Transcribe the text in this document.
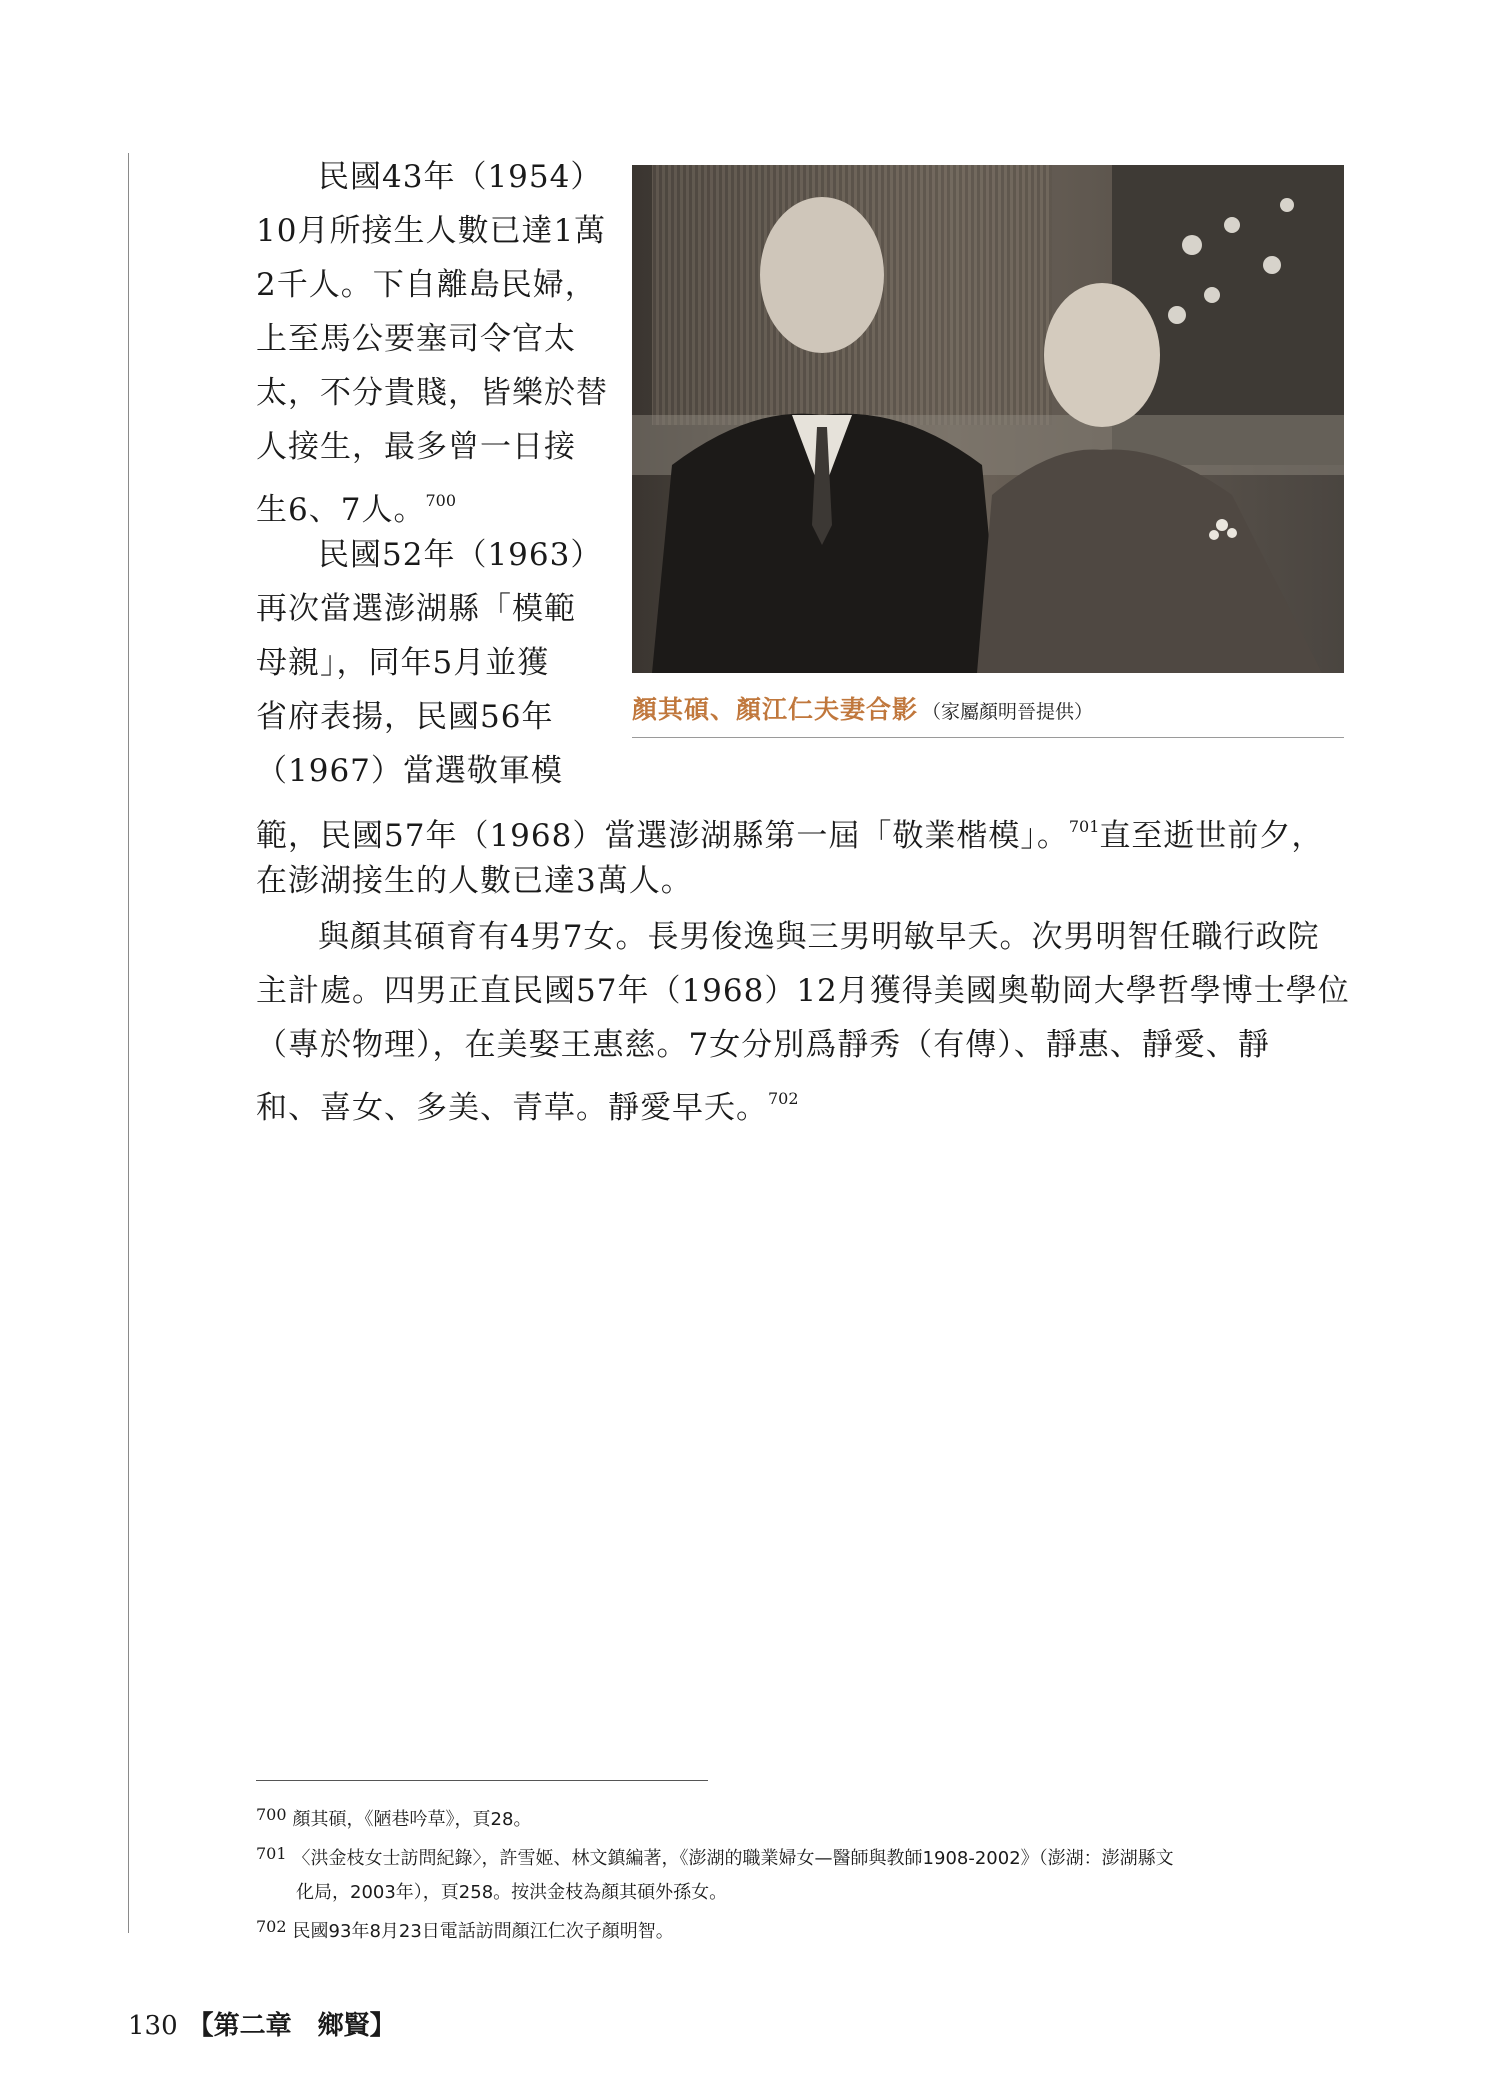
民國43年（1954）
10月所接生人數已達1萬
2千人。下自離島民婦，
上至馬公要塞司令官太
太，不分貴賤，皆樂於替
人接生，最多曾一日接
生6、7人。$^{700}$
民國52年（1963）
再次當選澎湖縣「模範
母親」，同年5月並獲
省府表揚，民國56年
（1967）當選敬軍模
顏其碩、顏江仁夫妻合影 （家屬顏明晉提供）
範，民國57年（1968）當選澎湖縣第一屆「敬業楷模」。$^{701}$直至逝世前夕，
在澎湖接生的人數已達3萬人。
與顏其碩育有4男7女。長男俊逸與三男明敏早夭。次男明智任職行政院
主計處。四男正直民國57年（1968）12月獲得美國奧勒岡大學哲學博士學位
（專於物理），在美娶王惠慈。7女分別爲靜秀（有傳）、靜惠、靜愛、靜
和、喜女、多美、青草。靜愛早夭。$^{702}$
700 顏其碩，《陋巷吟草》，頁28。
701 〈洪金枝女士訪問紀錄〉，許雪姬、林文鎮編著，《澎湖的職業婦女—醫師與教師1908-2002》（澎湖：澎湖縣文
化局，2003年），頁258。按洪金枝為顏其碩外孫女。
702 民國93年8月23日電話訪問顏江仁次子顏明智。
130 【第二章　鄉賢】
